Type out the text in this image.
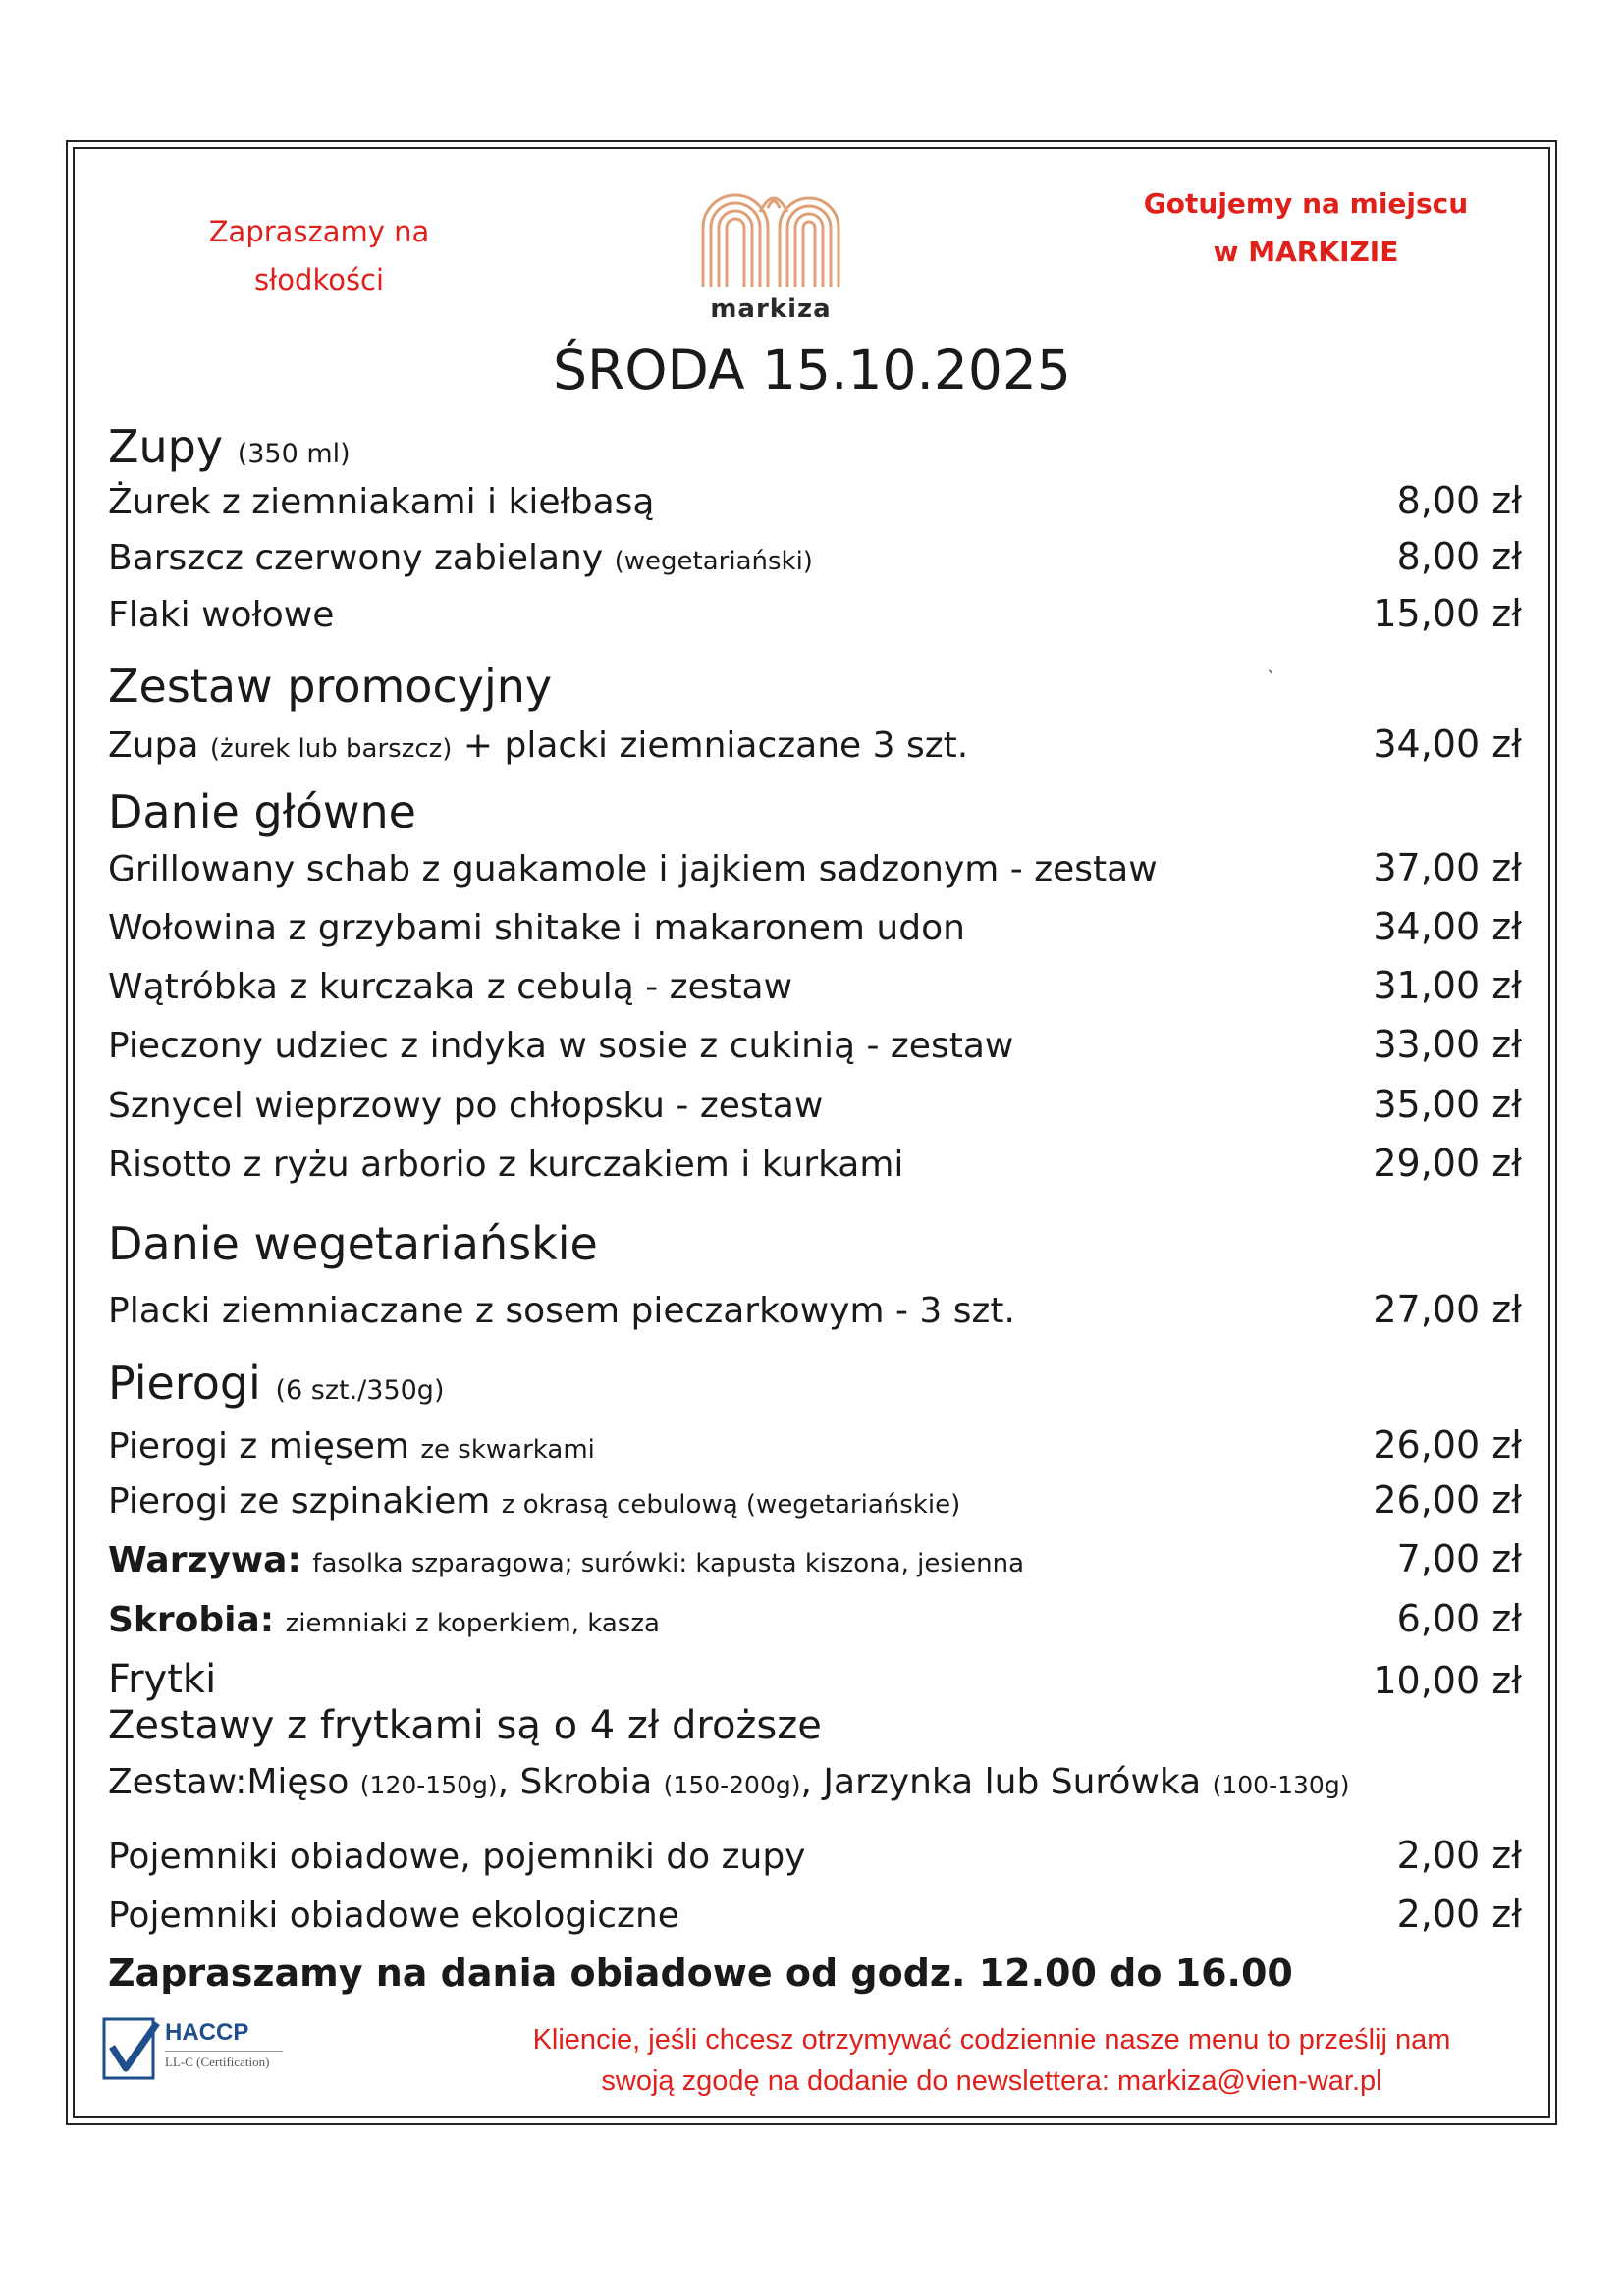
Zapraszamy na
słodkości
markiza
Gotujemy na miejscu
w MARKIZIE
ŚRODA 15.10.2025
Zupy (350 ml)
Żurek z ziemniakami i kiełbasą	8,00 zł
Barszcz czerwony zabielany (wegetariański)	8,00 zł
Flaki wołowe	15,00 zł
Zestaw promocyjny	`
Zupa (żurek lub barszcz) + placki ziemniaczane 3 szt.	34,00 zł
Danie główne
Grillowany schab z guakamole i jajkiem sadzonym - zestaw	37,00 zł
Wołowina z grzybami shitake i makaronem udon	34,00 zł
Wątróbka z kurczaka z cebulą - zestaw	31,00 zł
Pieczony udziec z indyka w sosie z cukinią - zestaw	33,00 zł
Sznycel wieprzowy po chłopsku - zestaw	35,00 zł
Risotto z ryżu arborio z kurczakiem i kurkami	29,00 zł
Danie wegetariańskie
Placki ziemniaczane z sosem pieczarkowym - 3 szt.	27,00 zł
Pierogi (6 szt./350g)
Pierogi z mięsem ze skwarkami	26,00 zł
Pierogi ze szpinakiem z okrasą cebulową (wegetariańskie)	26,00 zł
Warzywa: fasolka szparagowa; surówki: kapusta kiszona, jesienna	7,00 zł
Skrobia: ziemniaki z koperkiem, kasza	6,00 zł
Frytki	10,00 zł
Zestawy z frytkami są o 4 zł droższe
Zestaw:Mięso (120-150g), Skrobia (150-200g), Jarzynka lub Surówka (100-130g)
Pojemniki obiadowe, pojemniki do zupy	2,00 zł
Pojemniki obiadowe ekologiczne	2,00 zł
Zapraszamy na dania obiadowe od godz. 12.00 do 16.00
HACCP
LL-C (Certification)
Kliencie, jeśli chcesz otrzymywać codziennie nasze menu to prześlij nam
swoją zgodę na dodanie do newslettera: markiza@vien-war.pl
